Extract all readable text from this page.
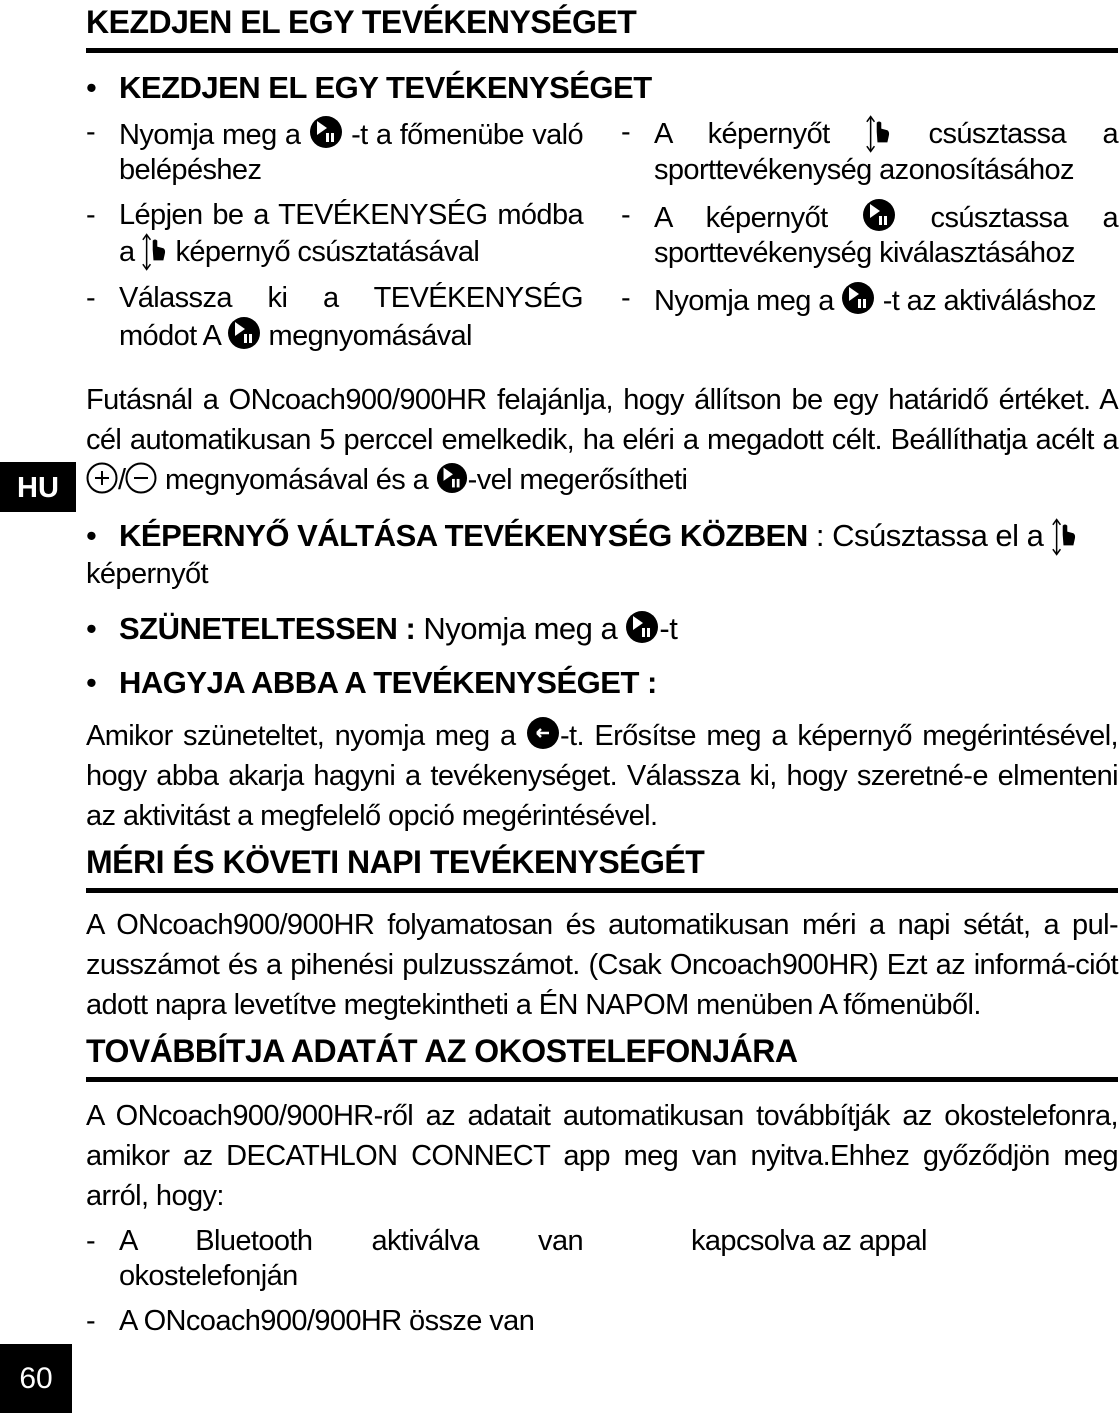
KEZDJEN EL EGY TEVÉKENYSÉGET
• KEZDJEN EL EGY TEVÉKENYSÉGET
- Nyomja meg a -t a főmenübe való belépéshez
- Lépjen be a TEVÉKENYSÉG módba a képernyő csúsztatásával
- Válassza ki a TEVÉKENYSÉG módot A megnyomásával
- A képernyőt	csúsztassa a sporttevékenység azonosításához
- A képernyőt	csúsztassa a sporttevékenység kiválasztásához
- Nyomja meg a -t az aktiváláshoz

Futásnál a ONcoach900/900HR felajánlja, hogy állítson be egy határidő értéket. A cél automatikusan 5 perccel emelkedik, ha eléri a megadott célt. Beállíthatja acélt a / megnyomásával és a -vel megerősítheti

• KÉPERNYŐ VÁLTÁSA TEVÉKENYSÉG KÖZBEN : Csúsztassa el a

képernyőt

• SZÜNETELTESSEN : Nyomja meg a -t
• HAGYJA ABBA A TEVÉKENYSÉGET :

Amikor szüneteltet, nyomja meg a -t. Erősítse meg a képernyő megérintésével, hogy abba akarja hagyni a tevékenységet. Válassza ki, hogy szeretné-e elmenteni az aktivitást a megfelelő opció megérintésével.

MÉRI ÉS KÖVETI NAPI TEVÉKENYSÉGÉT

A ONcoach900/900HR folyamatosan és automatikusan méri a napi sétát, a pul-zusszámot és a pihenési pulzusszámot. (Csak Oncoach900HR) Ezt az informá-ciót adott napra levetítve megtekintheti a ÉN NAPOM menüben A főmenüből.

TOVÁBBÍTJA ADATÁT AZ OKOSTELEFONJÁRA

A ONcoach900/900HR-ről az adatait automatikusan továbbítják az okostelefonra, amikor az DECATHLON CONNECT app meg van nyitva.Ehhez győződjön meg arról, hogy:

- A Bluetooth aktiválva van okostelefonján
- A ONcoach900/900HR össze van
kapcsolva az appal
HU
60
